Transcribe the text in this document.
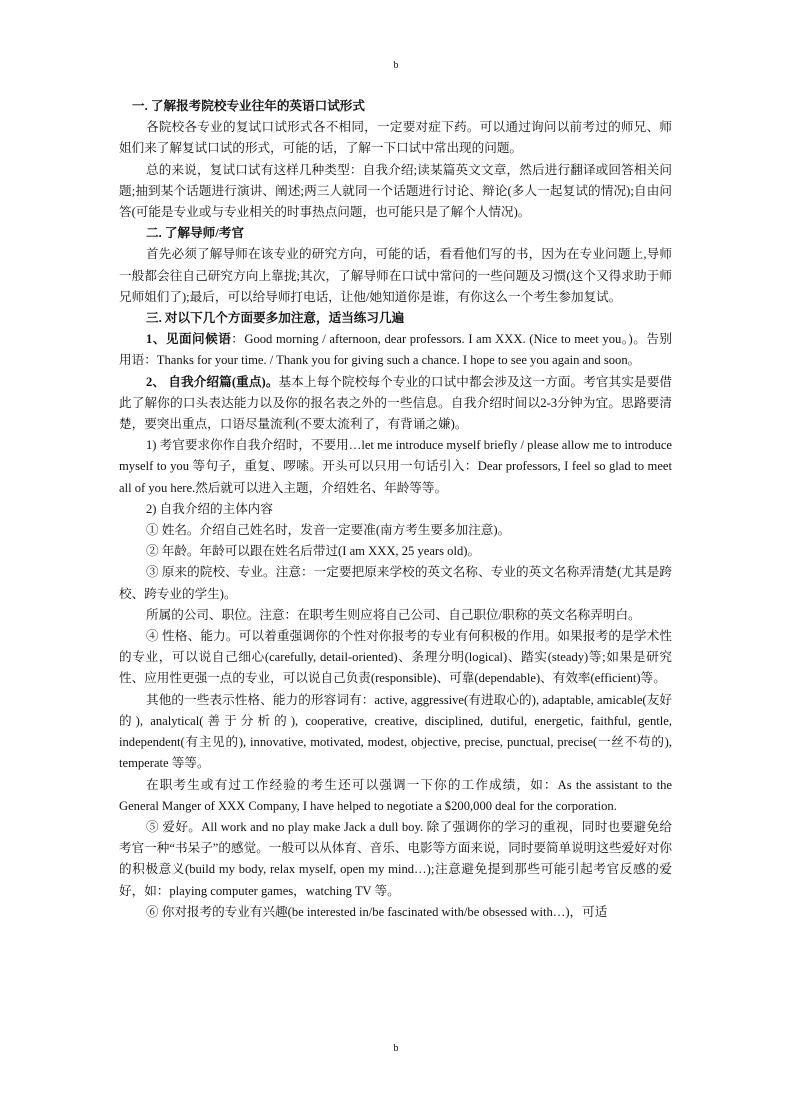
b

一. 了解报考院校专业往年的英语口试形式

各院校各专业的复试口试形式各不相同，一定要对症下药。可以通过询问以前考过的师兄、师姐们来了解复试口试的形式，可能的话，了解一下口试中常出现的问题。

总的来说，复试口试有这样几种类型：自我介绍;读某篇英文文章，然后进行翻译或回答相关问题;抽到某个话题进行演讲、阐述;两三人就同一个话题进行讨论、辩论(多人一起复试的情况);自由问答(可能是专业或与专业相关的时事热点问题，也可能只是了解个人情况)。

二. 了解导师/考官

首先必须了解导师在该专业的研究方向，可能的话，看看他们写的书，因为在专业问题上,导师一般都会往自己研究方向上靠拢;其次，了解导师在口试中常问的一些问题及习惯(这个又得求助于师兄师姐们了);最后，可以给导师打电话，让他/她知道你是谁，有你这么一个考生参加复试。

三. 对以下几个方面要多加注意，适当练习几遍

1、见面问候语：Good morning / afternoon, dear professors. I am XXX. (Nice to meet you。)。告别用语：Thanks for your time. / Thank you for giving such a chance. I hope to see you again and soon。

2、 自我介绍篇(重点)。基本上每个院校每个专业的口试中都会涉及这一方面。考官其实是要借此了解你的口头表达能力以及你的报名表之外的一些信息。自我介绍时间以2-3分钟为宜。思路要清楚，要突出重点，口语尽量流利(不要太流利了，有背诵之嫌)。

1) 考官要求你作自我介绍时，不要用…let me introduce myself briefly / please allow me to introduce myself to you 等句子，重复、啰嗦。开头可以只用一句话引入：Dear professors, I feel so glad to meet all of you here.然后就可以进入主题，介绍姓名、年龄等等。

2) 自我介绍的主体内容

① 姓名。介绍自己姓名时，发音一定要准(南方考生要多加注意)。

② 年龄。年龄可以跟在姓名后带过(I am XXX, 25 years old)。

③ 原来的院校、专业。注意：一定要把原来学校的英文名称、专业的英文名称弄清楚(尤其是跨校、跨专业的学生)。

所属的公司、职位。注意：在职考生则应将自己公司、自己职位/职称的英文名称弄明白。

④ 性格、能力。可以着重强调你的个性对你报考的专业有何积极的作用。如果报考的是学术性的专业，可以说自己细心(carefully, detail-oriented)、条理分明(logical)、踏实(steady)等;如果是研究性、应用性更强一点的专业，可以说自己负责(responsible)、可靠(dependable)、有效率(efficient)等。

其他的一些表示性格、能力的形容词有：active, aggressive(有进取心的), adaptable, amicable(友好的), analytical(善于分析的), cooperative, creative, disciplined, dutiful, energetic, faithful, gentle, independent(有主见的), innovative, motivated, modest, objective, precise, punctual, precise(一丝不苟的), temperate 等等。

在职考生或有过工作经验的考生还可以强调一下你的工作成绩，如：As the assistant to the General Manger of XXX Company, I have helped to negotiate a $200,000 deal for the corporation.

⑤ 爱好。All work and no play make Jack a dull boy. 除了强调你的学习的重视，同时也要避免给考官一种“书呆子”的感觉。一般可以从体育、音乐、电影等方面来说，同时要简单说明这些爱好对你的积极意义(build my body, relax myself, open my mind…);注意避免提到那些可能引起考官反感的爱好，如：playing computer games，watching TV 等。

⑥ 你对报考的专业有兴趣(be interested in/be fascinated with/be obsessed with…)，可适

b
